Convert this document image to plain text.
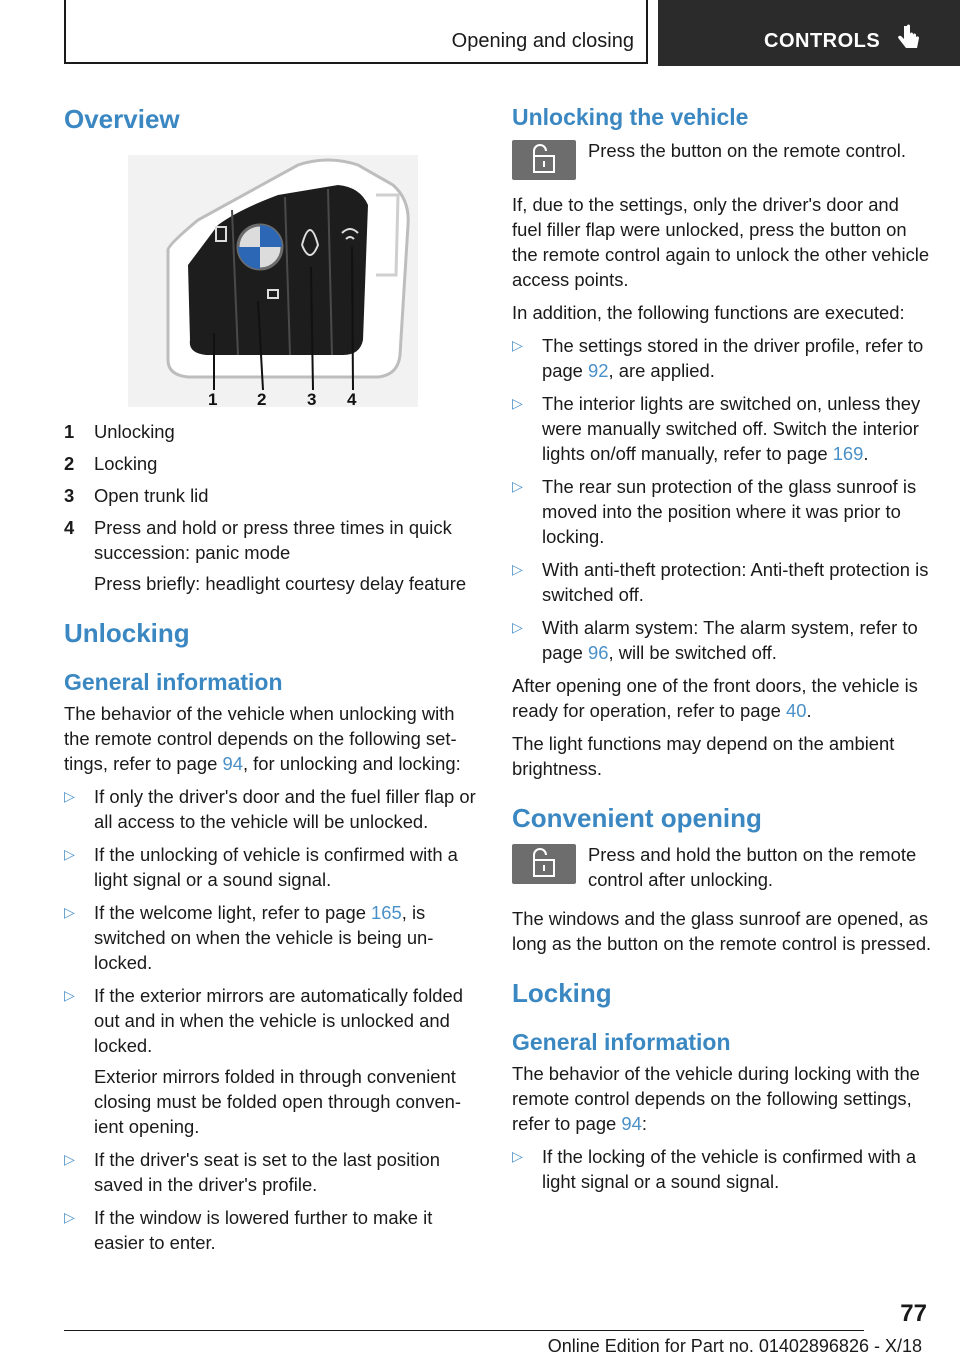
Opening and closing	CONTROLS
Overview
1 2 3 4
1 Unlocking
2 Locking
3 Open trunk lid
4 Press and hold or press three times in quick succession: panic mode
Press briefly: headlight courtesy delay feature
Unlocking
General information

The behavior of the vehicle when unlocking with the remote control depends on the following settings, refer to page 94, for unlocking and locking:

▷ If only the driver's door and the fuel filler flap or all access to the vehicle will be unlocked.
▷ If the unlocking of vehicle is confirmed with a light signal or a sound signal.
▷ If the welcome light, refer to page 165, is switched on when the vehicle is being unlocked.
▷ If the exterior mirrors are automatically folded out and in when the vehicle is unlocked and locked.
Exterior mirrors folded in through convenient closing must be folded open through convenient opening.
▷ If the driver's seat is set to the last position saved in the driver's profile.
▷ If the window is lowered further to make it easier to enter.
Unlocking the vehicle

Press the button on the remote control.

If, due to the settings, only the driver's door and fuel filler flap were unlocked, press the button on the remote control again to unlock the other vehicle access points.

In addition, the following functions are executed:

▷ The settings stored in the driver profile, refer to page 92, are applied.
▷ The interior lights are switched on, unless they were manually switched off. Switch the interior lights on/off manually, refer to page 169.
▷ The rear sun protection of the glass sunroof is moved into the position where it was prior to locking.
▷ With anti-theft protection: Anti-theft protection is switched off.
▷ With alarm system: The alarm system, refer to page 96, will be switched off.

After opening one of the front doors, the vehicle is ready for operation, refer to page 40.

The light functions may depend on the ambient brightness.

Convenient opening

Press and hold the button on the remote control after unlocking.

The windows and the glass sunroof are opened, as long as the button on the remote control is pressed.

Locking
General information

The behavior of the vehicle during locking with the remote control depends on the following settings, refer to page 94:

▷ If the locking of the vehicle is confirmed with a light signal or a sound signal.
77
Online Edition for Part no. 01402896826 - X/18
